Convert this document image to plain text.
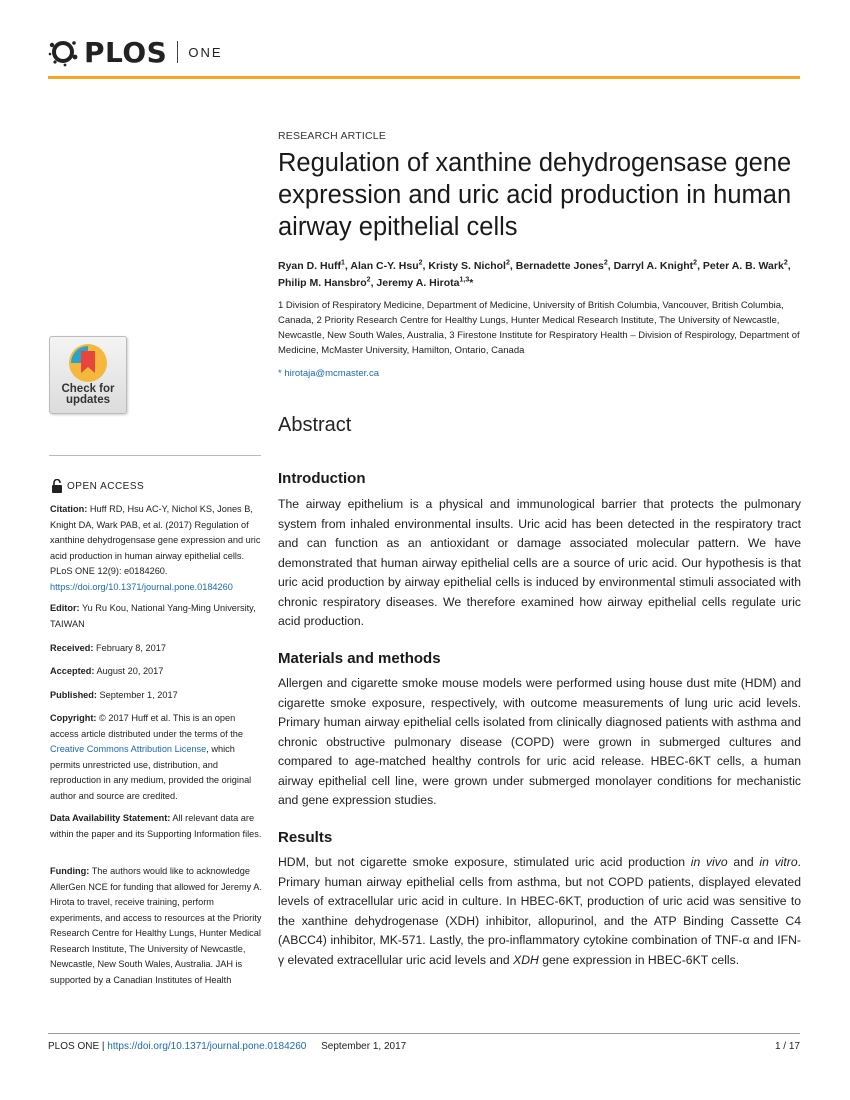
PLOS ONE
Check for
updates
OPEN ACCESS
Citation: Huff RD, Hsu AC-Y, Nichol KS, Jones B, Knight DA, Wark PAB, et al. (2017) Regulation of xanthine dehydrogensase gene expression and uric acid production in human airway epithelial cells. PLoS ONE 12(9): e0184260. https://doi.org/10.1371/journal.pone.0184260
Editor: Yu Ru Kou, National Yang-Ming University, TAIWAN
Received: February 8, 2017
Accepted: August 20, 2017
Published: September 1, 2017
Copyright: © 2017 Huff et al. This is an open access article distributed under the terms of the Creative Commons Attribution License, which permits unrestricted use, distribution, and reproduction in any medium, provided the original author and source are credited.
Data Availability Statement: All relevant data are within the paper and its Supporting Information files.
Funding: The authors would like to acknowledge AllerGen NCE for funding that allowed for Jeremy A. Hirota to travel, receive training, perform experiments, and access to resources at the Priority Research Centre for Healthy Lungs, Hunter Medical Research Institute, The University of Newcastle, Newcastle, New South Wales, Australia. JAH is supported by a Canadian Institutes of Health
RESEARCH ARTICLE
Regulation of xanthine dehydrogensase gene expression and uric acid production in human airway epithelial cells
Ryan D. Huff$^1$, Alan C-Y. Hsu$^2$, Kristy S. Nichol$^2$, Bernadette Jones$^2$, Darryl A. Knight$^2$, Peter A. B. Wark$^2$, Philip M. Hansbro$^2$, Jeremy A. Hirota$^{1,3}$*
1 Division of Respiratory Medicine, Department of Medicine, University of British Columbia, Vancouver, British Columbia, Canada, 2 Priority Research Centre for Healthy Lungs, Hunter Medical Research Institute, The University of Newcastle, Newcastle, New South Wales, Australia, 3 Firestone Institute for Respiratory Health – Division of Respirology, Department of Medicine, McMaster University, Hamilton, Ontario, Canada
* hirotaja@mcmaster.ca
Abstract
Introduction
The airway epithelium is a physical and immunological barrier that protects the pulmonary system from inhaled environmental insults. Uric acid has been detected in the respiratory tract and can function as an antioxidant or damage associated molecular pattern. We have demonstrated that human airway epithelial cells are a source of uric acid. Our hypothesis is that uric acid production by airway epithelial cells is induced by environmental stimuli associated with chronic respiratory diseases. We therefore examined how airway epithelial cells regulate uric acid production.
Materials and methods
Allergen and cigarette smoke mouse models were performed using house dust mite (HDM) and cigarette smoke exposure, respectively, with outcome measurements of lung uric acid levels. Primary human airway epithelial cells isolated from clinically diagnosed patients with asthma and chronic obstructive pulmonary disease (COPD) were grown in submerged cultures and compared to age-matched healthy controls for uric acid release. HBEC-6KT cells, a human airway epithelial cell line, were grown under submerged monolayer conditions for mechanistic and gene expression studies.
Results
HDM, but not cigarette smoke exposure, stimulated uric acid production in vivo and in vitro. Primary human airway epithelial cells from asthma, but not COPD patients, displayed elevated levels of extracellular uric acid in culture. In HBEC-6KT, production of uric acid was sensitive to the xanthine dehydrogenase (XDH) inhibitor, allopurinol, and the ATP Binding Cassette C4 (ABCC4) inhibitor, MK-571. Lastly, the pro-inflammatory cytokine combination of TNF-α and IFN-γ elevated extracellular uric acid levels and XDH gene expression in HBEC-6KT cells.
PLOS ONE | https://doi.org/10.1371/journal.pone.0184260 September 1, 2017	1 / 17
